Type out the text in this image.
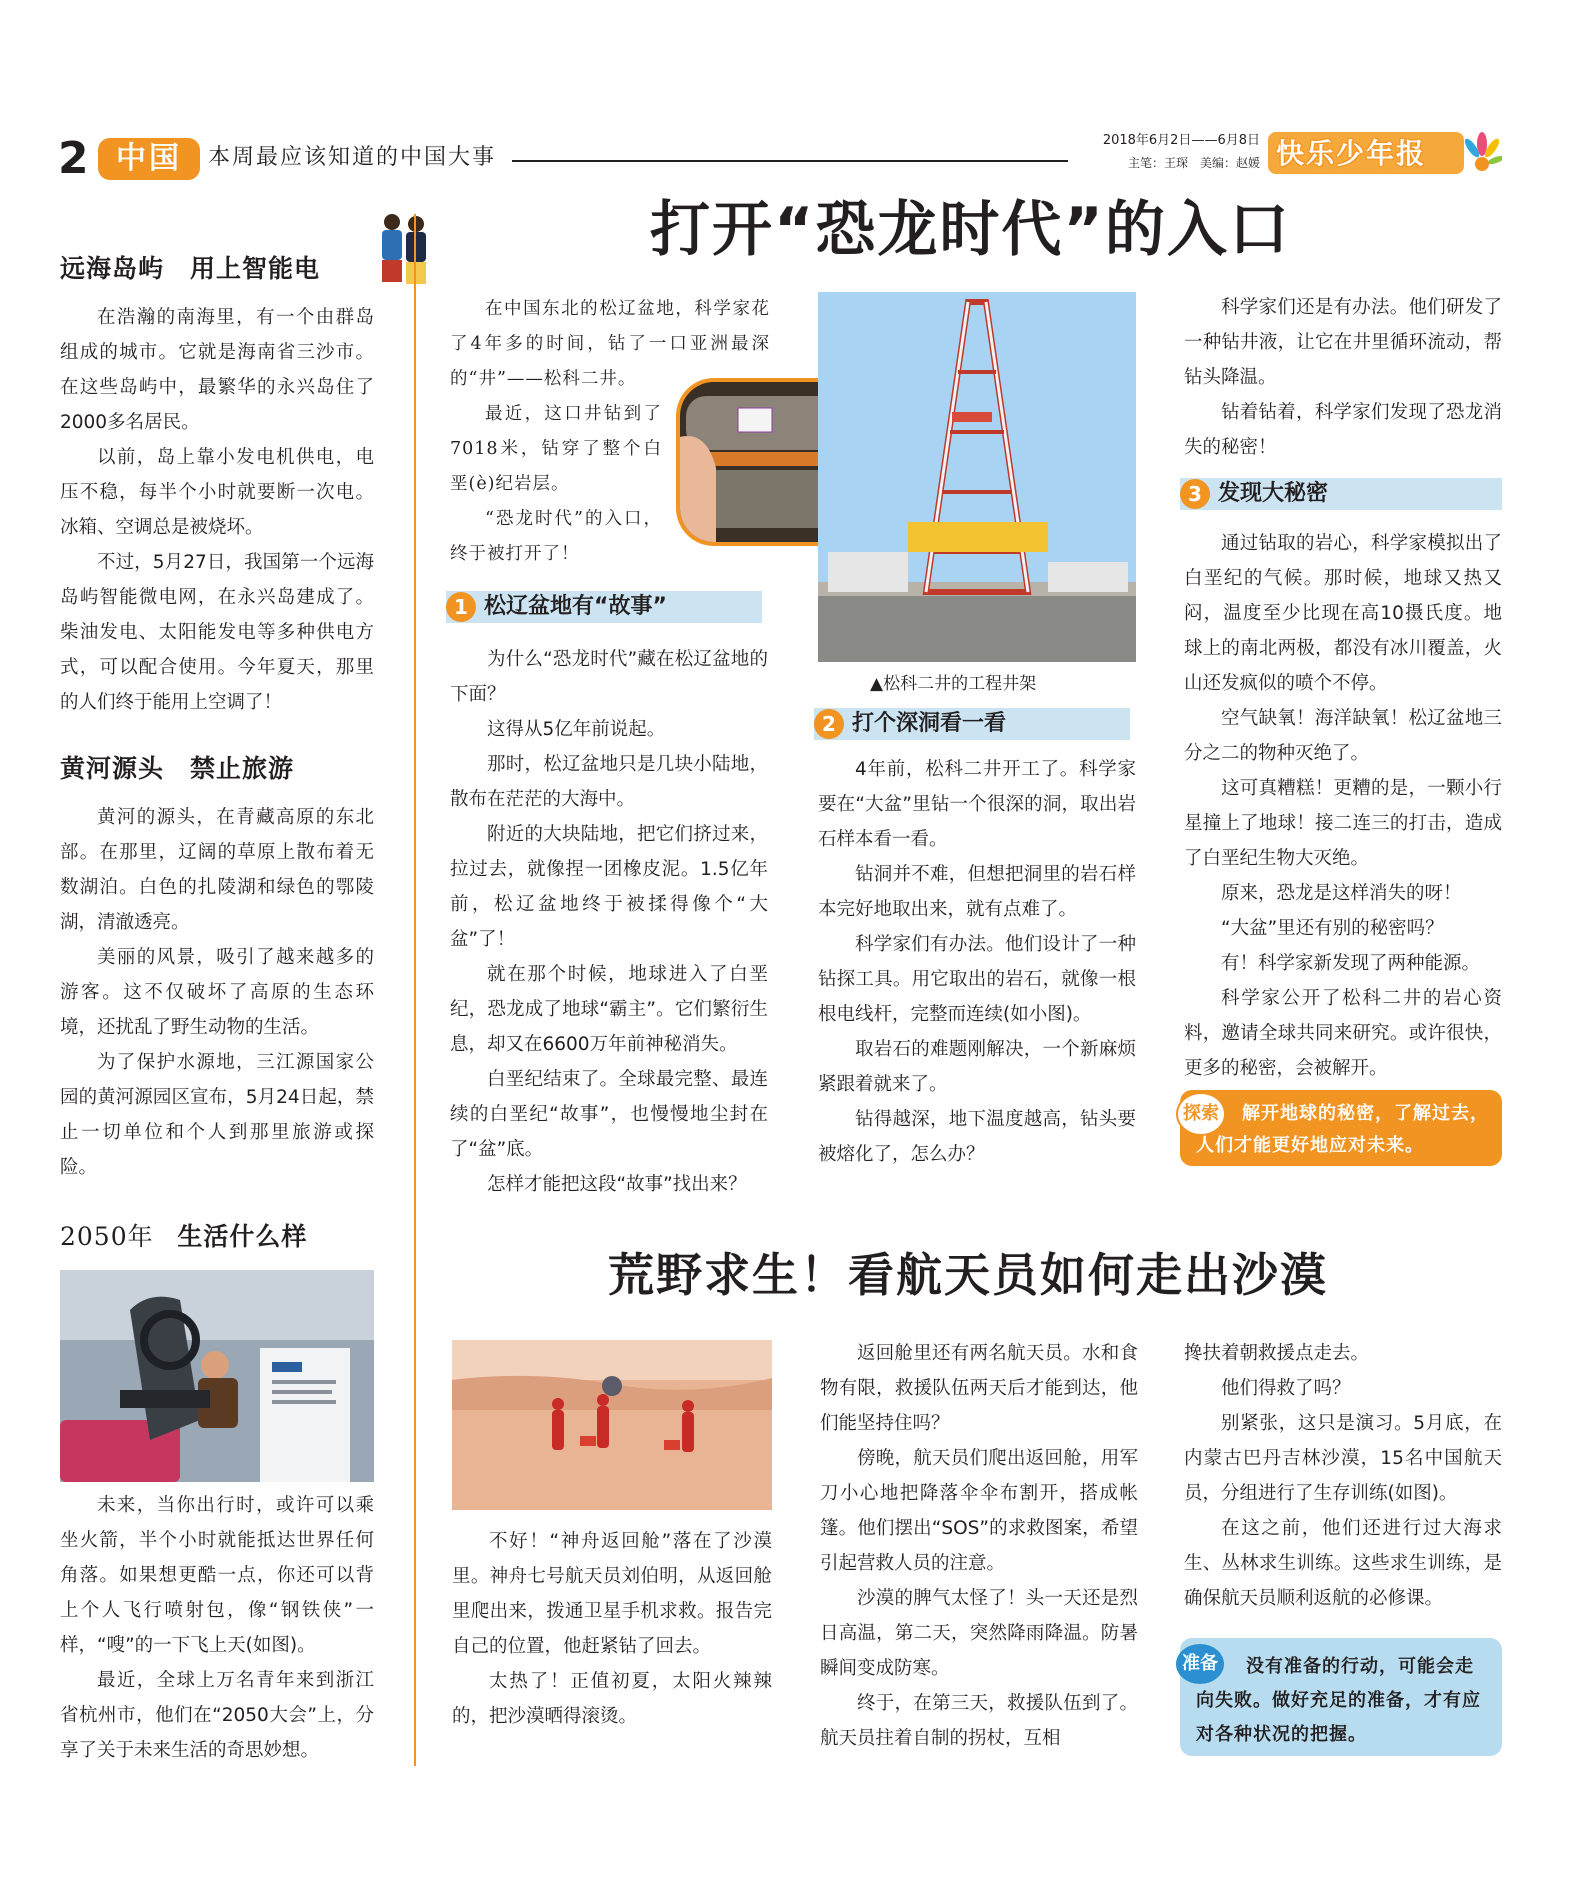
2 中国	本周最应该知道的中国大事
2018年6月2日——6月8日
主笔：王琛　美编：赵媛 快乐少年报
远海岛屿　用上智能电

在浩瀚的南海里，有一个由群岛组成的城市。它就是海南省三沙市。在这些岛屿中，最繁华的永兴岛住了2000多名居民。

以前，岛上靠小发电机供电，电压不稳，每半个小时就要断一次电。冰箱、空调总是被烧坏。

不过，5月27日，我国第一个远海岛屿智能微电网，在永兴岛建成了。柴油发电、太阳能发电等多种供电方式，可以配合使用。今年夏天，那里的人们终于能用上空调了！

黄河源头　禁止旅游

黄河的源头，在青藏高原的东北部。在那里，辽阔的草原上散布着无数湖泊。白色的扎陵湖和绿色的鄂陵湖，清澈透亮。

美丽的风景，吸引了越来越多的游客。这不仅破坏了高原的生态环境，还扰乱了野生动物的生活。

为了保护水源地，三江源国家公园的黄河源园区宣布，5月24日起，禁止一切单位和个人到那里旅游或探险。

2050年 生活什么样

未来，当你出行时，或许可以乘坐火箭，半个小时就能抵达世界任何角落。如果想更酷一点，你还可以背上个人飞行喷射包，像“钢铁侠”一样，“嗖”的一下飞上天(如图)。

最近，全球上万名青年来到浙江省杭州市，他们在“2050大会”上，分享了关于未来生活的奇思妙想。

打开“恐龙时代”的入口

在中国东北的松辽盆地，科学家花了4年多的时间，钻了一口亚洲最深的“井”——松科二井。

最近，这口井钻到了7018米，钻穿了整个白垩(è)纪岩层。

“恐龙时代”的入口，终于被打开了！

▲松科二井的工程井架
1 松辽盆地有“故事”

为什么“恐龙时代”藏在松辽盆地的下面？

这得从5亿年前说起。

那时，松辽盆地只是几块小陆地，散布在茫茫的大海中。

附近的大块陆地，把它们挤过来，拉过去，就像捏一团橡皮泥。1.5亿年前，松辽盆地终于被揉得像个“大盆”了！

就在那个时候，地球进入了白垩纪，恐龙成了地球“霸主”。它们繁衍生息，却又在6600万年前神秘消失。

白垩纪结束了。全球最完整、最连续的白垩纪“故事”，也慢慢地尘封在了“盆”底。

怎样才能把这段“故事”找出来？

2 打个深洞看一看

4年前，松科二井开工了。科学家要在“大盆”里钻一个很深的洞，取出岩石样本看一看。

钻洞并不难，但想把洞里的岩石样本完好地取出来，就有点难了。

科学家们有办法。他们设计了一种钻探工具。用它取出的岩石，就像一根根电线杆，完整而连续(如小图)。

取岩石的难题刚解决，一个新麻烦紧跟着就来了。

钻得越深，地下温度越高，钻头要被熔化了，怎么办？

科学家们还是有办法。他们研发了一种钻井液，让它在井里循环流动，帮钻头降温。

钻着钻着，科学家们发现了恐龙消失的秘密！

3 发现大秘密

通过钻取的岩心，科学家模拟出了白垩纪的气候。那时候，地球又热又闷，温度至少比现在高10摄氏度。地球上的南北两极，都没有冰川覆盖，火山还发疯似的喷个不停。

空气缺氧！海洋缺氧！松辽盆地三分之二的物种灭绝了。

这可真糟糕！更糟的是，一颗小行星撞上了地球！接二连三的打击，造成了白垩纪生物大灭绝。

原来，恐龙是这样消失的呀！

“大盆”里还有别的秘密吗？

有！科学家新发现了两种能源。

科学家公开了松科二井的岩心资料，邀请全球共同来研究。或许很快，更多的秘密，会被解开。

探索	解开地球的秘密，了解过去，人们才能更好地应对未来。
荒野求生！看航天员如何走出沙漠

不好！“神舟返回舱”落在了沙漠里。神舟七号航天员刘伯明，从返回舱里爬出来，拨通卫星手机求救。报告完自己的位置，他赶紧钻了回去。

太热了！正值初夏，太阳火辣辣的，把沙漠晒得滚烫。

返回舱里还有两名航天员。水和食物有限，救援队伍两天后才能到达，他们能坚持住吗？

傍晚，航天员们爬出返回舱，用军刀小心地把降落伞伞布割开，搭成帐篷。他们摆出“SOS”的求救图案，希望引起营救人员的注意。

沙漠的脾气太怪了！头一天还是烈日高温，第二天，突然降雨降温。防暑瞬间变成防寒。

终于，在第三天，救援队伍到了。航天员拄着自制的拐杖，互相

搀扶着朝救援点走去。

他们得救了吗？

别紧张，这只是演习。5月底，在内蒙古巴丹吉林沙漠，15名中国航天员，分组进行了生存训练(如图)。

在这之前，他们还进行过大海求生、丛林求生训练。这些求生训练，是确保航天员顺利返航的必修课。

准备	没有准备的行动，可能会走向失败。做好充足的准备，才有应对各种状况的把握。
